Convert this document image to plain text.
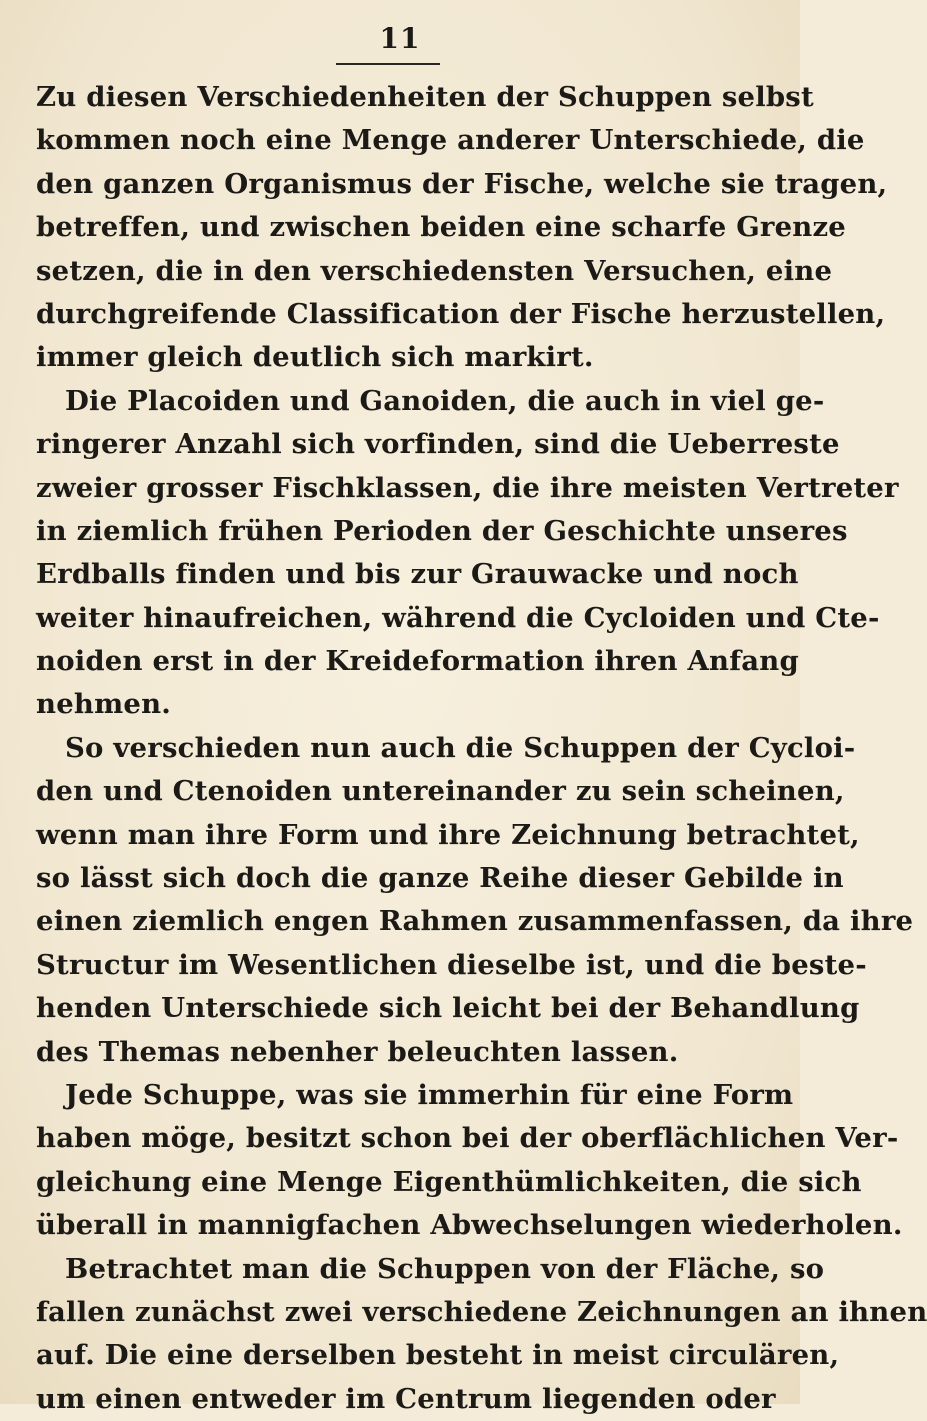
11
Zu diesen Verschiedenheiten der Schuppen selbst
kommen noch eine Menge anderer Unterschiede, die
den ganzen Organismus der Fische, welche sie tragen,
betreffen, und zwischen beiden eine scharfe Grenze
setzen, die in den verschiedensten Versuchen, eine
durchgreifende Classification der Fische herzustellen,
immer gleich deutlich sich markirt.
Die Placoiden und Ganoiden, die auch in viel ge-
ringerer Anzahl sich vorfinden, sind die Ueberreste
zweier grosser Fischklassen, die ihre meisten Vertreter
in ziemlich frühen Perioden der Geschichte unseres
Erdballs finden und bis zur Grauwacke und noch
weiter hinaufreichen, während die Cycloiden und Cte-
noiden erst in der Kreideformation ihren Anfang
nehmen.
So verschieden nun auch die Schuppen der Cycloi-
den und Ctenoiden untereinander zu sein scheinen,
wenn man ihre Form und ihre Zeichnung betrachtet,
so lässt sich doch die ganze Reihe dieser Gebilde in
einen ziemlich engen Rahmen zusammenfassen, da ihre
Structur im Wesentlichen dieselbe ist, und die beste-
henden Unterschiede sich leicht bei der Behandlung
des Themas nebenher beleuchten lassen.
Jede Schuppe, was sie immerhin für eine Form
haben möge, besitzt schon bei der oberflächlichen Ver-
gleichung eine Menge Eigenthümlichkeiten, die sich
überall in mannigfachen Abwechselungen wiederholen.
Betrachtet man die Schuppen von der Fläche, so
fallen zunächst zwei verschiedene Zeichnungen an ihnen
auf. Die eine derselben besteht in meist circulären,
um einen entweder im Centrum liegenden oder
